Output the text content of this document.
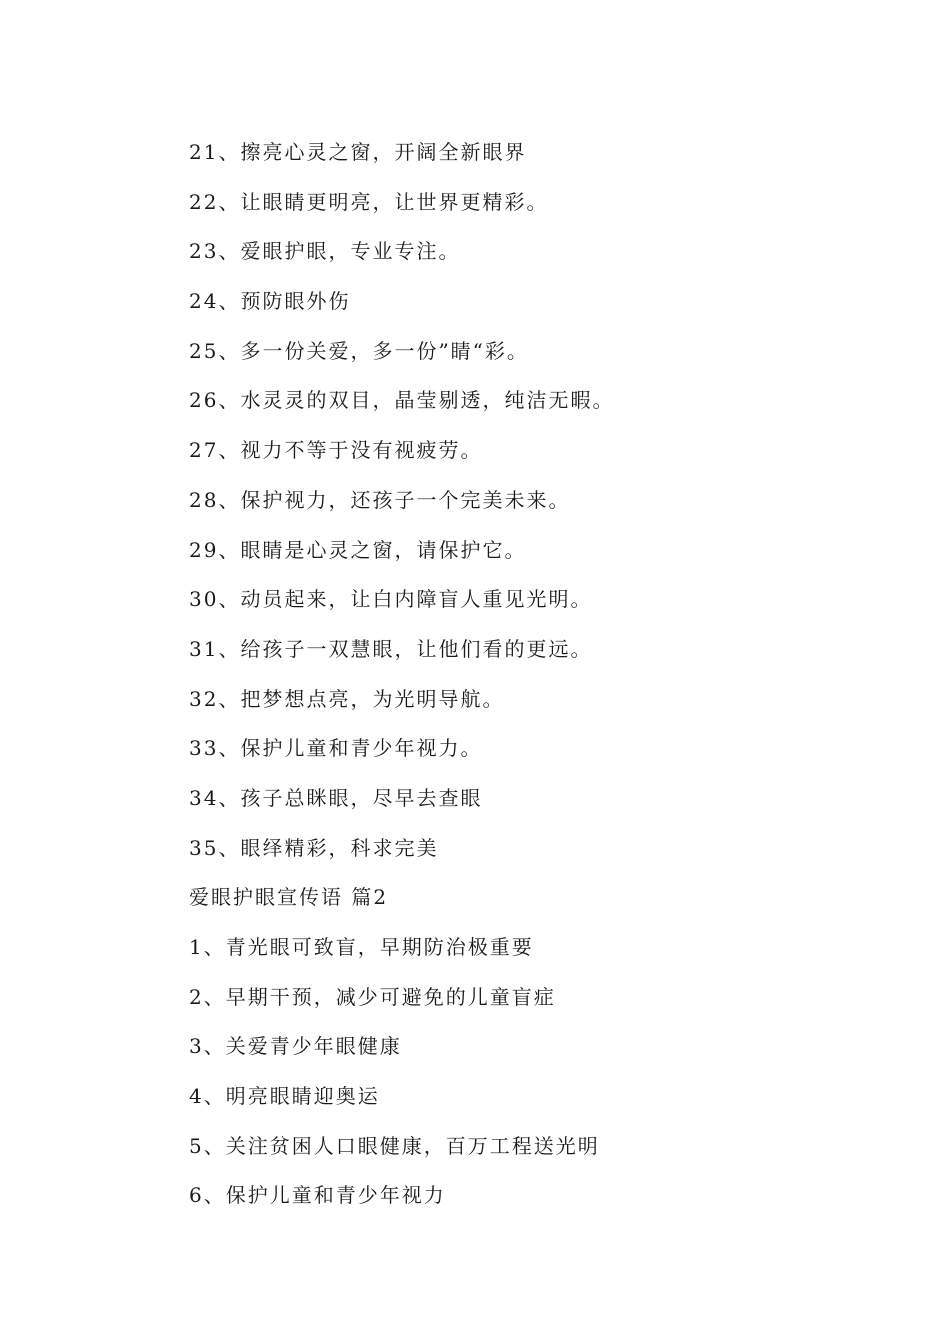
21、擦亮心灵之窗，开阔全新眼界
22、让眼睛更明亮，让世界更精彩。
23、爱眼护眼，专业专注。
24、预防眼外伤
25、多一份关爱，多一份”睛“彩。
26、水灵灵的双目，晶莹剔透，纯洁无暇。
27、视力不等于没有视疲劳。
28、保护视力，还孩子一个完美未来。
29、眼睛是心灵之窗，请保护它。
30、动员起来，让白内障盲人重见光明。
31、给孩子一双慧眼，让他们看的更远。
32、把梦想点亮，为光明导航。
33、保护儿童和青少年视力。
34、孩子总眯眼，尽早去查眼
35、眼绎精彩，科求完美
爱眼护眼宣传语 篇2
1、青光眼可致盲，早期防治极重要
2、早期干预，减少可避免的儿童盲症
3、关爱青少年眼健康
4、明亮眼睛迎奥运
5、关注贫困人口眼健康，百万工程送光明
6、保护儿童和青少年视力
